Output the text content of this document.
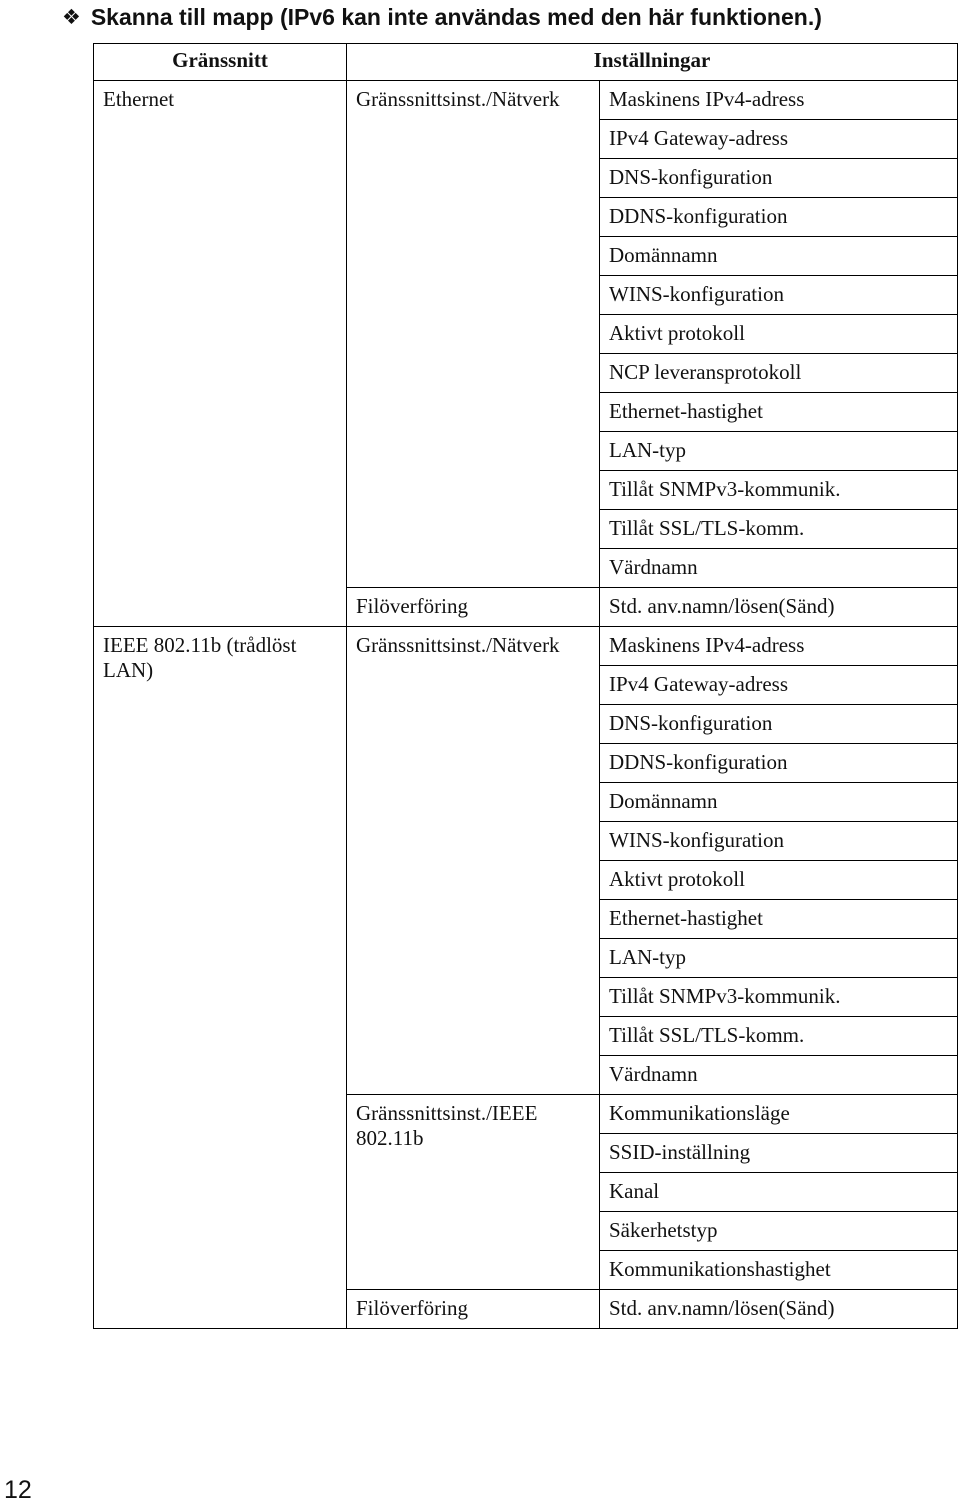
❖ Skanna till mapp (IPv6 kan inte användas med den här funktionen.)
Gränssnitt	Inställningar	
Ethernet	Gränssnittsinst./Nätverk	Maskinens IPv4-adress
		IPv4 Gateway-adress
		DNS-konfiguration
		DDNS-konfiguration
		Domännamn
		WINS-konfiguration
		Aktivt protokoll
		NCP leveransprotokoll
		Ethernet-hastighet
		LAN-typ
		Tillåt SNMPv3-kommunik.
		Tillåt SSL/TLS-komm.
		Värdnamn
	Filöverföring	Std. anv.namn/lösen(Sänd)
IEEE 802.11b (trådlöst LAN)	Gränssnittsinst./Nätverk	Maskinens IPv4-adress
		IPv4 Gateway-adress
		DNS-konfiguration
		DDNS-konfiguration
		Domännamn
		WINS-konfiguration
		Aktivt protokoll
		Ethernet-hastighet
		LAN-typ
		Tillåt SNMPv3-kommunik.
		Tillåt SSL/TLS-komm.
		Värdnamn
	Gränssnittsinst./IEEE 802.11b	Kommunikationsläge
		SSID-inställning
		Kanal
		Säkerhetstyp
		Kommunikationshastighet
	Filöverföring	Std. anv.namn/lösen(Sänd)
12
